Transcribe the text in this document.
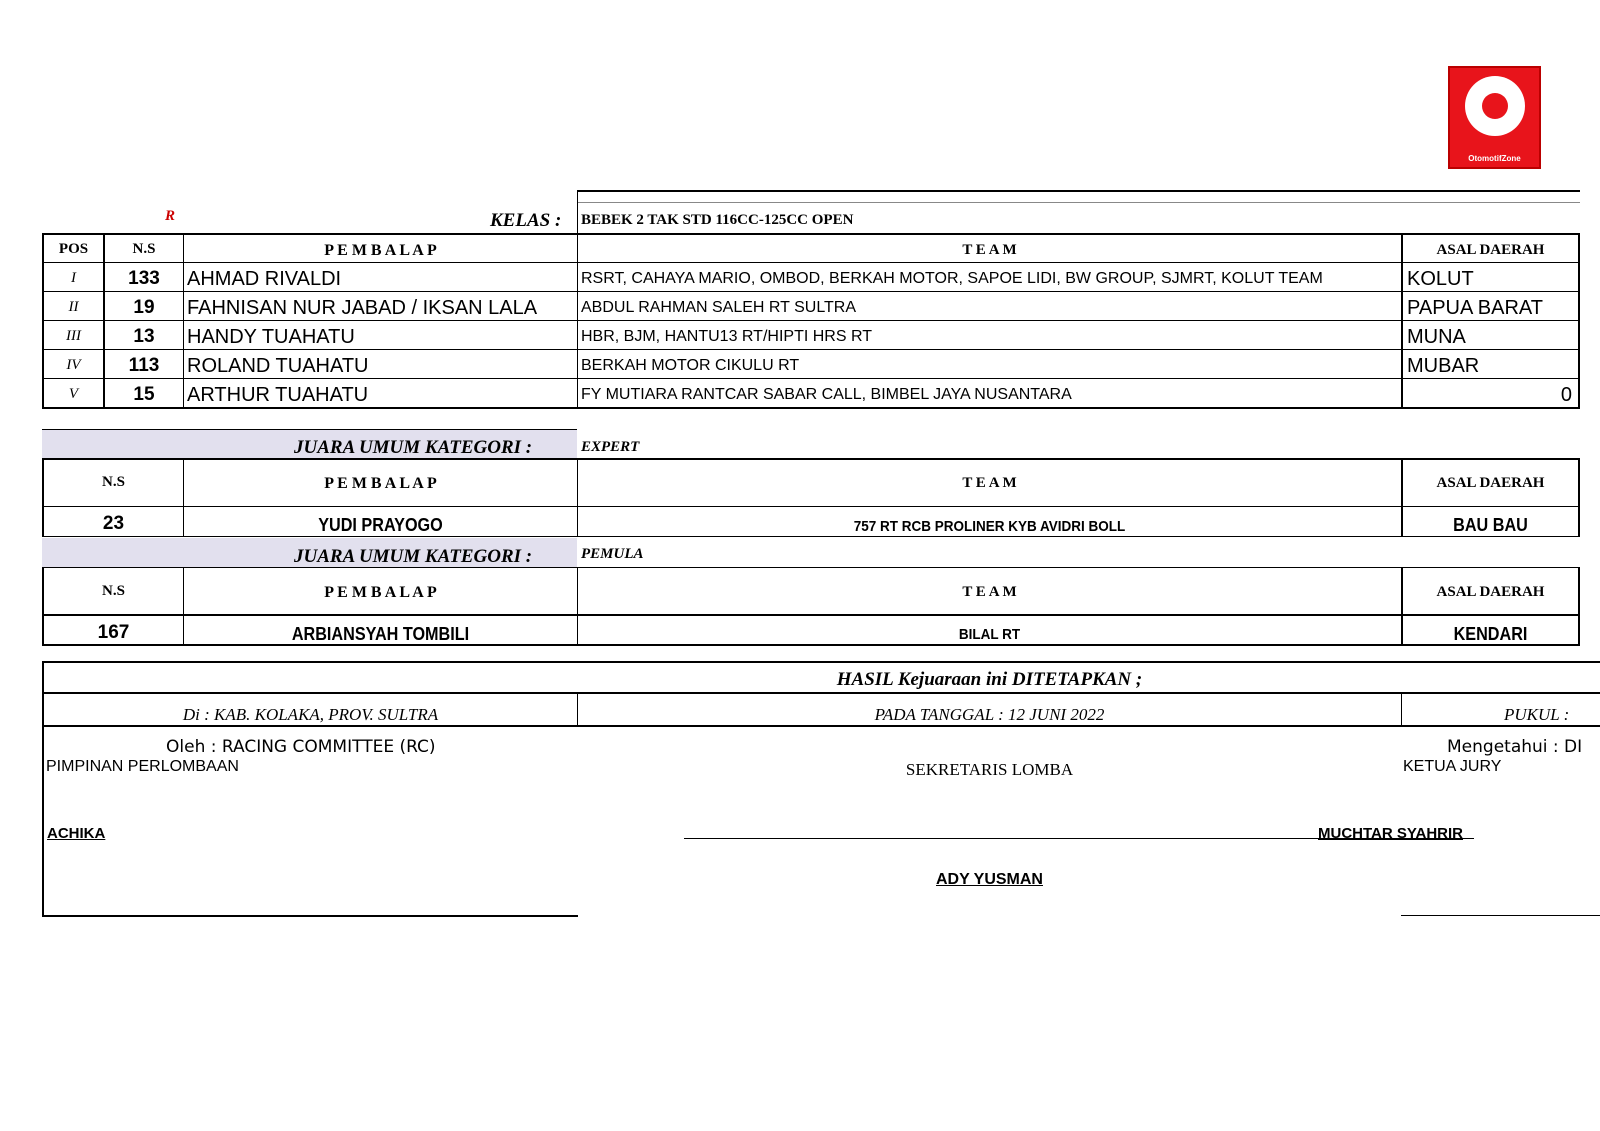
OtomotifZone
R	KELAS : BEBEK 2 TAK STD 116CC-125CC OPEN
POS	N.S	P E M B A L A P	T E A M	ASAL DAERAH
I	133	AHMAD RIVALDI	RSRT, CAHAYA MARIO, OMBOD, BERKAH MOTOR, SAPOE LIDI, BW GROUP, SJMRT, KOLUT TEAM	KOLUT
II	19	FAHNISAN NUR JABAD / IKSAN LALA	ABDUL RAHMAN SALEH RT SULTRA	PAPUA BARAT
III	13	HANDY TUAHATU	HBR, BJM, HANTU13 RT/HIPTI HRS RT	MUNA
IV	113	ROLAND TUAHATU	BERKAH MOTOR CIKULU RT	MUBAR
V	15	ARTHUR TUAHATU	FY MUTIARA RANTCAR SABAR CALL, BIMBEL JAYA NUSANTARA	0
JUARA UMUM KATEGORI :	EXPERT
N.S	P E M B A L A P	T E A M	ASAL DAERAH
23	YUDI PRAYOGO	757 RT RCB PROLINER KYB AVIDRI BOLL	BAU BAU
JUARA UMUM KATEGORI :	PEMULA
N.S	P E M B A L A P	T E A M	ASAL DAERAH
167	ARBIANSYAH TOMBILI	BILAL RT	KENDARI
HASIL Kejuaraan ini DITETAPKAN ;
Di : KAB. KOLAKA, PROV. SULTRA	PADA TANGGAL : 12 JUNI 2022	PUKUL :
Oleh : RACING COMMITTEE (RC)	Mengetahui : DI
PIMPINAN PERLOMBAAN	SEKRETARIS LOMBA	KETUA JURY
ACHIKA	MUCHTAR SYAHRIR
ADY YUSMAN
